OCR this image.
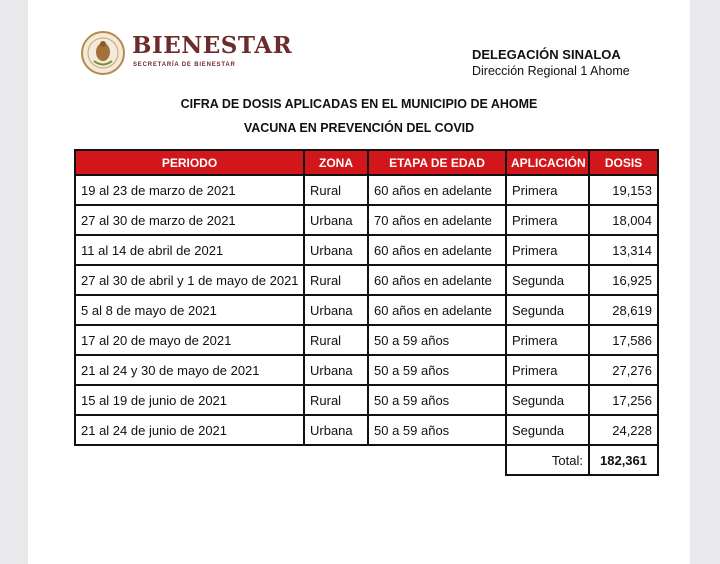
BIENESTAR
SECRETARÍA DE BIENESTAR
DELEGACIÓN SINALOA
Dirección Regional 1 Ahome
CIFRA DE DOSIS APLICADAS EN EL MUNICIPIO DE AHOME
VACUNA EN PREVENCIÓN DEL COVID
PERIODO	ZONA	ETAPA DE EDAD	APLICACIÓN	DOSIS
19 al 23 de marzo de 2021	Rural	60 años en adelante	Primera	19,153
27 al 30 de marzo de 2021	Urbana	70 años en adelante	Primera	18,004
11 al 14 de abril de 2021	Urbana	60 años en adelante	Primera	13,314
27 al 30 de abril y 1 de mayo de 2021	Rural	60 años en adelante	Segunda	16,925
5 al 8 de mayo de 2021	Urbana	60 años en adelante	Segunda	28,619
17 al 20 de mayo de 2021	Rural	50 a 59 años	Primera	17,586
21 al 24 y 30 de mayo de 2021	Urbana	50 a 59 años	Primera	27,276
15 al 19 de junio de 2021	Rural	50 a 59 años	Segunda	17,256
21 al 24 de junio de 2021	Urbana	50 a 59 años	Segunda	24,228
			Total:	182,361
